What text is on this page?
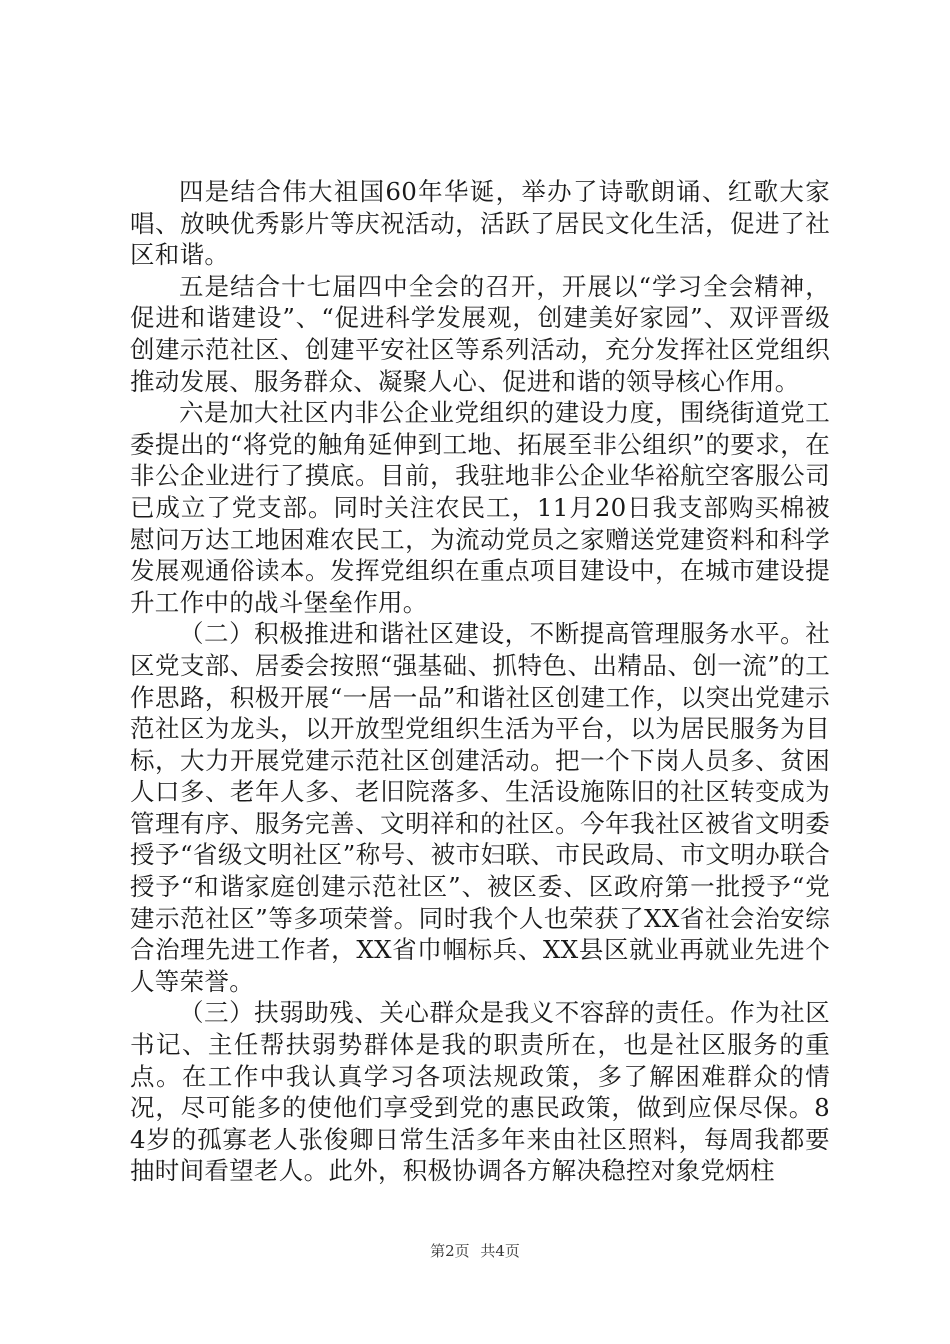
四是结合伟大祖国60年华诞，举办了诗歌朗诵、红歌大家唱、放映优秀影片等庆祝活动，活跃了居民文化生活，促进了社区和谐。

五是结合十七届四中全会的召开，开展以“学习全会精神，促进和谐建设”、“促进科学发展观，创建美好家园”、双评晋级创建示范社区、创建平安社区等系列活动，充分发挥社区党组织推动发展、服务群众、凝聚人心、促进和谐的领导核心作用。

六是加大社区内非公企业党组织的建设力度，围绕街道党工委提出的“将党的触角延伸到工地、拓展至非公组织”的要求，在非公企业进行了摸底。目前，我驻地非公企业华裕航空客服公司已成立了党支部。同时关注农民工，11月20日我支部购买棉被慰问万达工地困难农民工，为流动党员之家赠送党建资料和科学发展观通俗读本。发挥党组织在重点项目建设中，在城市建设提升工作中的战斗堡垒作用。

（二）积极推进和谐社区建设，不断提高管理服务水平。社区党支部、居委会按照“强基础、抓特色、出精品、创一流”的工作思路，积极开展“一居一品”和谐社区创建工作，以突出党建示范社区为龙头，以开放型党组织生活为平台，以为居民服务为目标，大力开展党建示范社区创建活动。把一个下岗人员多、贫困人口多、老年人多、老旧院落多、生活设施陈旧的社区转变成为管理有序、服务完善、文明祥和的社区。今年我社区被省文明委授予“省级文明社区”称号、被市妇联、市民政局、市文明办联合授予“和谐家庭创建示范社区”、被区委、区政府第一批授予“党建示范社区”等多项荣誉。同时我个人也荣获了XX省社会治安综合治理先进工作者，XX省巾帼标兵、XX县区就业再就业先进个人等荣誉。

（三）扶弱助残、关心群众是我义不容辞的责任。作为社区书记、主任帮扶弱势群体是我的职责所在，也是社区服务的重点。在工作中我认真学习各项法规政策，多了解困难群众的情况，尽可能多的使他们享受到党的惠民政策，做到应保尽保。84岁的孤寡老人张俊卿日常生活多年来由社区照料，每周我都要抽时间看望老人。此外，积极协调各方解决稳控对象党炳柱

第2页 共4页
